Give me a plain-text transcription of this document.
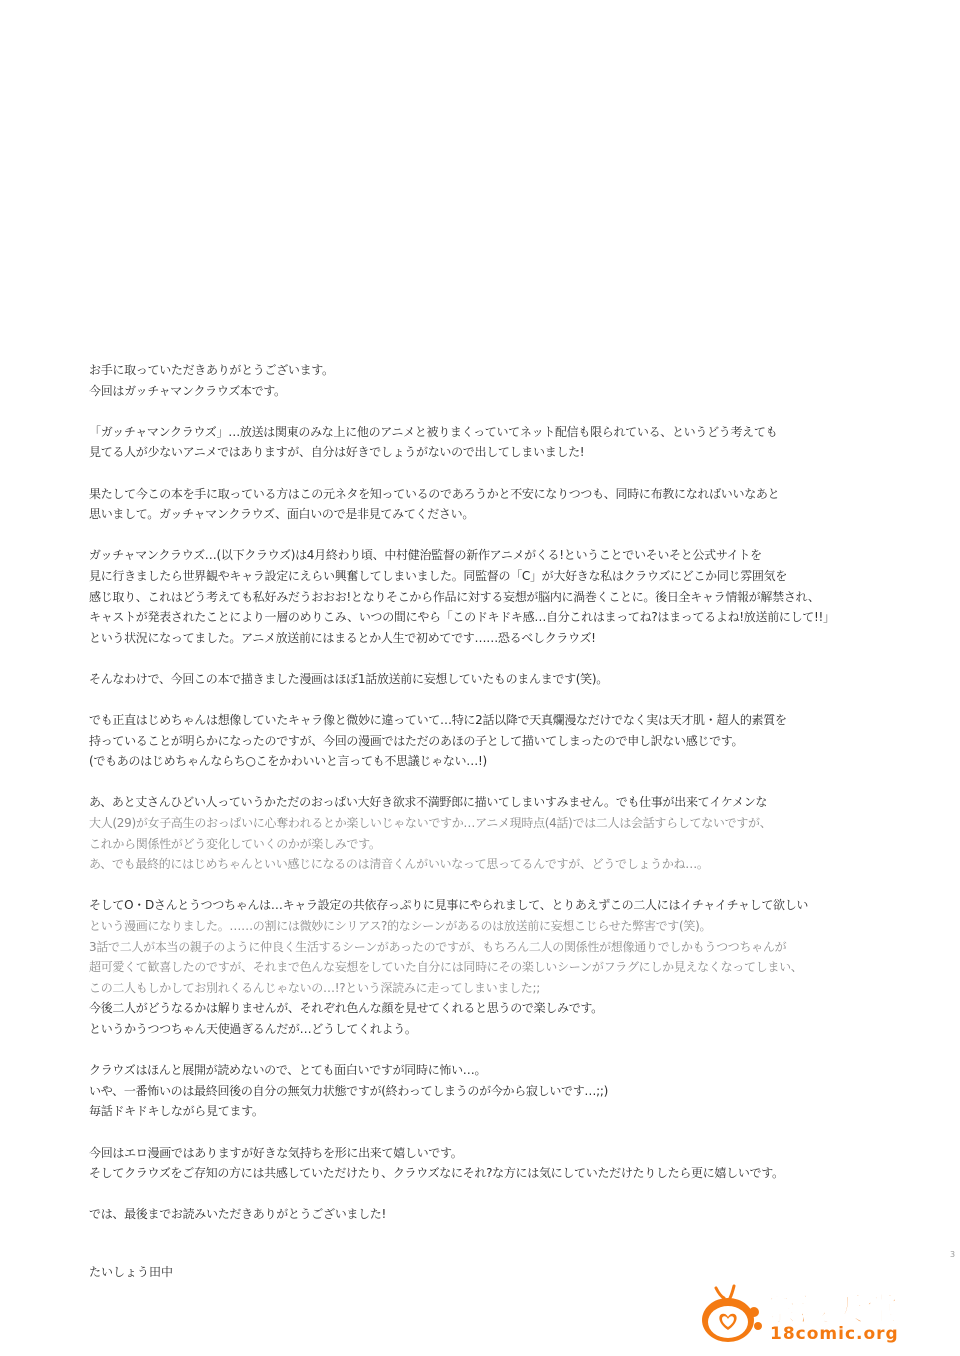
お手に取っていただきありがとうございます。
今回はガッチャマンクラウズ本です。
「ガッチャマンクラウズ」…放送は関東のみな上に他のアニメと被りまくっていてネット配信も限られている、というどう考えても
見てる人が少ないアニメではありますが、自分は好きでしょうがないので出してしまいました!
果たして今この本を手に取っている方はこの元ネタを知っているのであろうかと不安になりつつも、同時に布教になればいいなあと
思いまして。ガッチャマンクラウズ、面白いので是非見てみてください。
ガッチャマンクラウズ…(以下クラウズ)は4月終わり頃、中村健治監督の新作アニメがくる!ということでいそいそと公式サイトを
見に行きましたら世界観やキャラ設定にえらい興奮してしまいました。同監督の「C」が大好きな私はクラウズにどこか同じ雰囲気を
感じ取り、これはどう考えても私好みだうおおお!となりそこから作品に対する妄想が脳内に渦巻くことに。後日全キャラ情報が解禁され、
キャストが発表されたことにより一層のめりこみ、いつの間にやら「このドキドキ感…自分これはまってね?はまってるよね!放送前にして!!」
という状況になってました。アニメ放送前にはまるとか人生で初めてです……恐るべしクラウズ!
そんなわけで、今回この本で描きました漫画はほぼ1話放送前に妄想していたものまんまです(笑)。
でも正直はじめちゃんは想像していたキャラ像と微妙に違っていて…特に2話以降で天真爛漫なだけでなく実は天才肌・超人的素質を
持っていることが明らかになったのですが、今回の漫画ではただのあほの子として描いてしまったので申し訳ない感じです。
(でもあのはじめちゃんならち○こをかわいいと言っても不思議じゃない…!)
あ、あと丈さんひどい人っていうかただのおっぱい大好き欲求不満野郎に描いてしまいすみません。でも仕事が出来てイケメンな
大人(29)が女子高生のおっぱいに心奪われるとか楽しいじゃないですか…アニメ現時点(4話)では二人は会話すらしてないですが、
これから関係性がどう変化していくのかが楽しみです。
あ、でも最終的にはじめちゃんといい感じになるのは清音くんがいいなって思ってるんですが、どうでしょうかね…。
そしてO・Dさんとうつつちゃんは…キャラ設定の共依存っぷりに見事にやられまして、とりあえずこの二人にはイチャイチャして欲しい
という漫画になりました。……の割には微妙にシリアス?的なシーンがあるのは放送前に妄想こじらせた弊害です(笑)。
3話で二人が本当の親子のように仲良く生活するシーンがあったのですが、もちろん二人の関係性が想像通りでしかもうつつちゃんが
超可愛くて歓喜したのですが、それまで色んな妄想をしていた自分には同時にその楽しいシーンがフラグにしか見えなくなってしまい、
この二人もしかしてお別れくるんじゃないの…!?という深読みに走ってしまいました;;
今後二人がどうなるかは解りませんが、それぞれ色んな顔を見せてくれると思うので楽しみです。
というかうつつちゃん天使過ぎるんだが…どうしてくれよう。
クラウズはほんと展開が読めないので、とても面白いですが同時に怖い…。
いや、一番怖いのは最終回後の自分の無気力状態ですが(終わってしまうのが今から寂しいです…;;)
毎話ドキドキしながら見てます。
今回はエロ漫画ではありますが好きな気持ちを形に出来て嬉しいです。
そしてクラウズをご存知の方には共感していただけたり、クラウズなにそれ?な方には気にしていただけたりしたら更に嬉しいです。
では、最後までお読みいただきありがとうございました!
たいしょう田中
3
禁漫天堂
18comic.org
